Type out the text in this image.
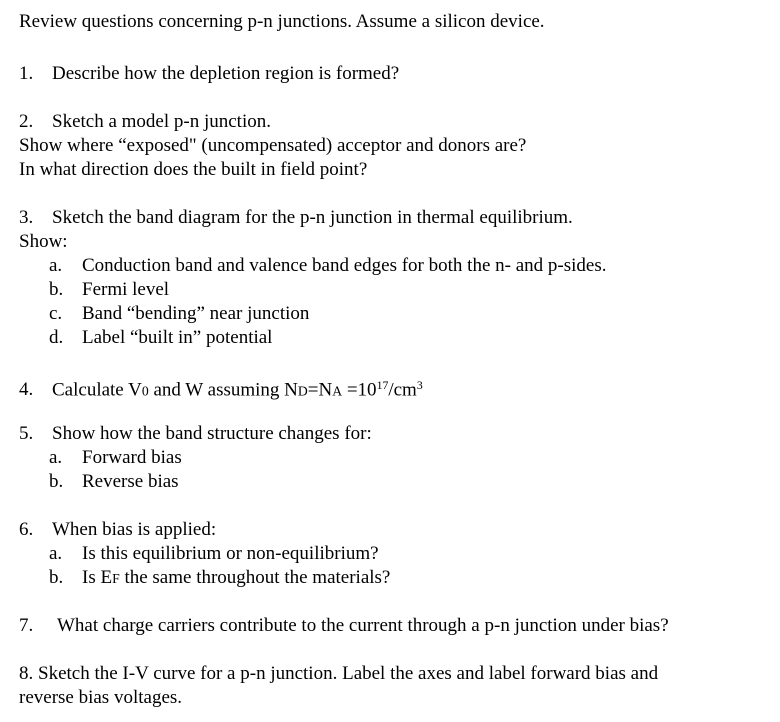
Review questions concerning p-n junctions. Assume a silicon device.
1. Describe how the depletion region is formed?
2. Sketch a model p-n junction.
Show where “exposed" (uncompensated) acceptor and donors are?
In what direction does the built in field point?
3. Sketch the band diagram for the p-n junction in thermal equilibrium.
Show:
a. Conduction band and valence band edges for both the n- and p-sides.
b. Fermi level
c. Band “bending” near junction
d. Label “built in” potential
4. Calculate V0 and W assuming $ND=NA =10^{17}/cm^3$
5. Show how the band structure changes for:
a. Forward bias
b. Reverse bias
6. When bias is applied:
a. Is this equilibrium or non-equilibrium?
b. Is EF the same throughout the materials?
7. What charge carriers contribute to the current through a p-n junction under bias?
8. Sketch the I-V curve for a p-n junction. Label the axes and label forward bias and
reverse bias voltages.
